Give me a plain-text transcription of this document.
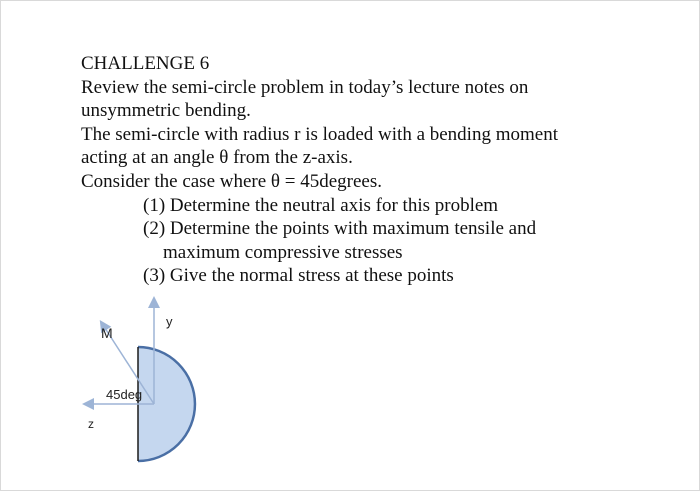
CHALLENGE 6
Review the semi-circle problem in today’s lecture notes on
unsymmetric bending.
The semi-circle with radius r is loaded with a bending moment
acting at an angle θ from the z-axis.
Consider the case where θ = 45degrees.
(1) Determine the neutral axis for this problem
(2) Determine the points with maximum tensile and
maximum compressive stresses
(3) Give the normal stress at these points
y
z
M
45deg
